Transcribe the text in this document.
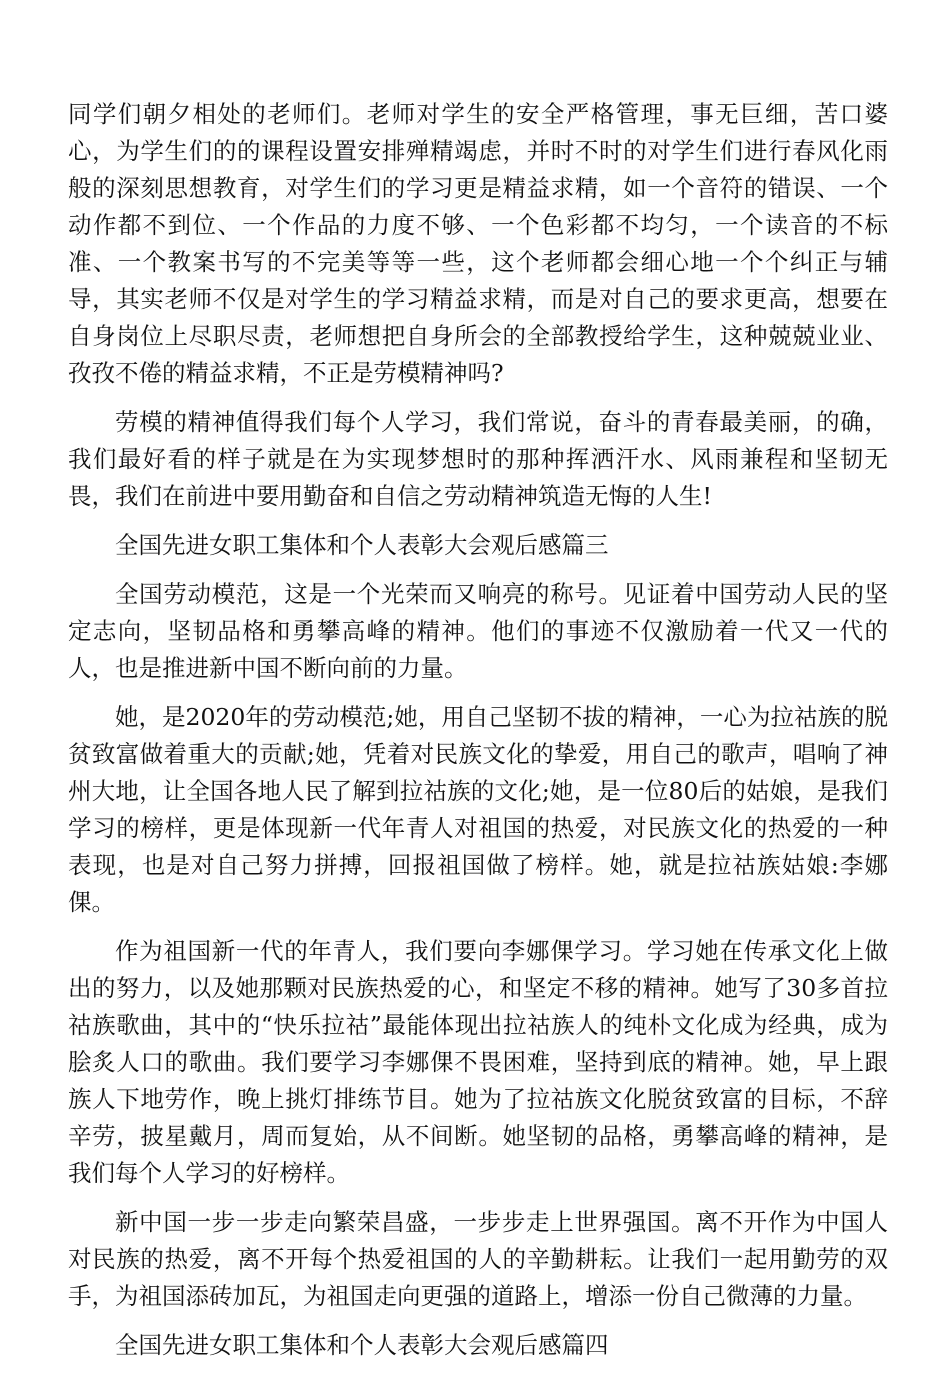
同学们朝夕相处的老师们。老师对学生的安全严格管理，事无巨细，苦口婆心，为学生们的的课程设置安排殚精竭虑，并时不时的对学生们进行春风化雨般的深刻思想教育，对学生们的学习更是精益求精，如一个音符的错误、一个动作都不到位、一个作品的力度不够、一个色彩都不均匀，一个读音的不标准、一个教案书写的不完美等等一些，这个老师都会细心地一个个纠正与辅导，其实老师不仅是对学生的学习精益求精，而是对自己的要求更高，想要在自身岗位上尽职尽责，老师想把自身所会的全部教授给学生，这种兢兢业业、孜孜不倦的精益求精，不正是劳模精神吗?

劳模的精神值得我们每个人学习，我们常说，奋斗的青春最美丽，的确，我们最好看的样子就是在为实现梦想时的那种挥洒汗水、风雨兼程和坚韧无畏，我们在前进中要用勤奋和自信之劳动精神筑造无悔的人生!

全国先进女职工集体和个人表彰大会观后感篇三

全国劳动模范，这是一个光荣而又响亮的称号。见证着中国劳动人民的坚定志向，坚韧品格和勇攀高峰的精神。他们的事迹不仅激励着一代又一代的人，也是推进新中国不断向前的力量。

她，是2020年的劳动模范;她，用自己坚韧不拔的精神，一心为拉祜族的脱贫致富做着重大的贡献;她，凭着对民族文化的挚爱，用自己的歌声，唱响了神州大地，让全国各地人民了解到拉祜族的文化;她，是一位80后的姑娘，是我们学习的榜样，更是体现新一代年青人对祖国的热爱，对民族文化的热爱的一种表现，也是对自己努力拼搏，回报祖国做了榜样。她，就是拉祜族姑娘:李娜倮。

作为祖国新一代的年青人，我们要向李娜倮学习。学习她在传承文化上做出的努力，以及她那颗对民族热爱的心，和坚定不移的精神。她写了30多首拉祜族歌曲，其中的“快乐拉祜”最能体现出拉祜族人的纯朴文化成为经典，成为脍炙人口的歌曲。我们要学习李娜倮不畏困难，坚持到底的精神。她，早上跟族人下地劳作，晚上挑灯排练节目。她为了拉祜族文化脱贫致富的目标，不辞辛劳，披星戴月，周而复始，从不间断。她坚韧的品格，勇攀高峰的精神，是我们每个人学习的好榜样。

新中国一步一步走向繁荣昌盛，一步步走上世界强国。离不开作为中国人对民族的热爱，离不开每个热爱祖国的人的辛勤耕耘。让我们一起用勤劳的双手，为祖国添砖加瓦，为祖国走向更强的道路上，增添一份自己微薄的力量。

全国先进女职工集体和个人表彰大会观后感篇四
